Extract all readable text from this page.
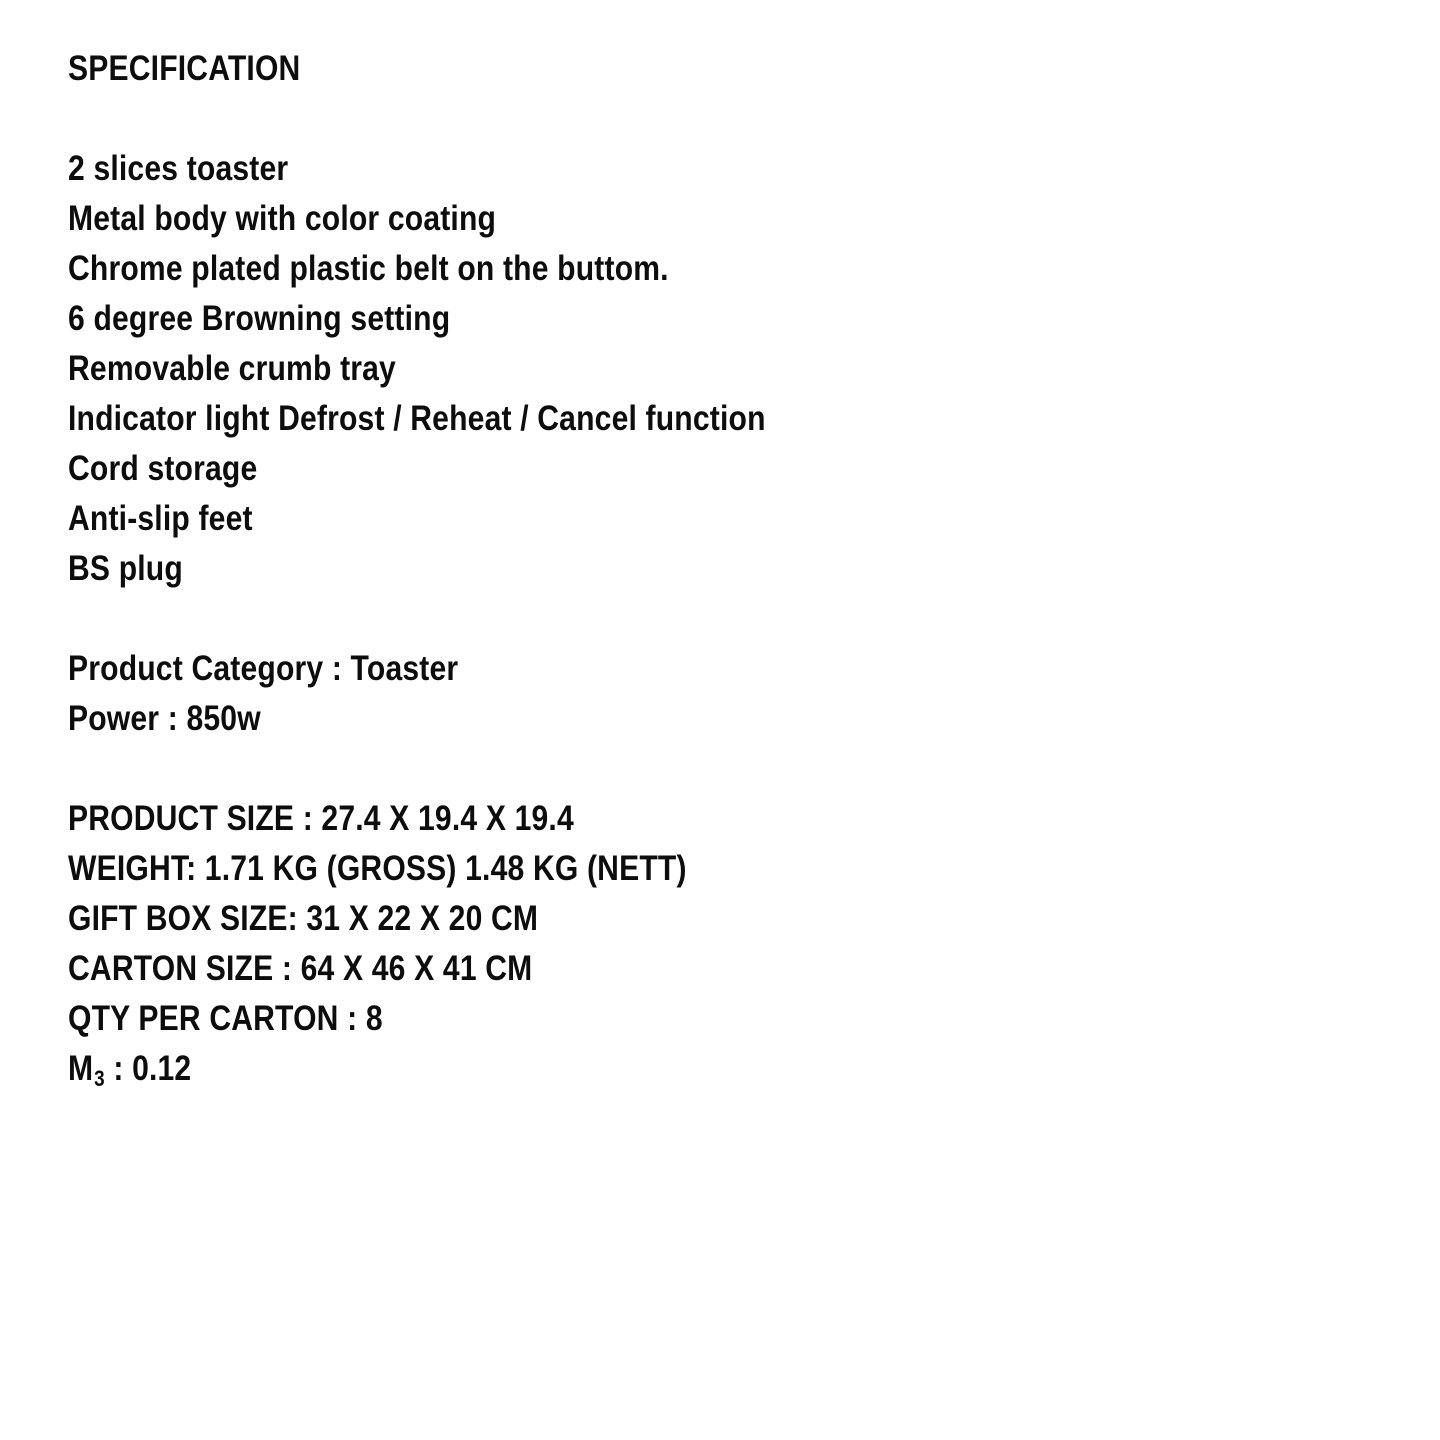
SPECIFICATION
2 slices toaster
Metal body with color coating
Chrome plated plastic belt on the buttom.
6 degree Browning setting
Removable crumb tray
Indicator light Defrost / Reheat / Cancel function
Cord storage
Anti-slip feet
BS plug
Product Category : Toaster
Power : 850w
PRODUCT SIZE : 27.4 X 19.4 X 19.4
WEIGHT: 1.71 KG (GROSS) 1.48 KG (NETT)
GIFT BOX SIZE: 31 X 22 X 20 CM
CARTON SIZE : 64 X 46 X 41 CM
QTY PER CARTON : 8
M3 : 0.12
